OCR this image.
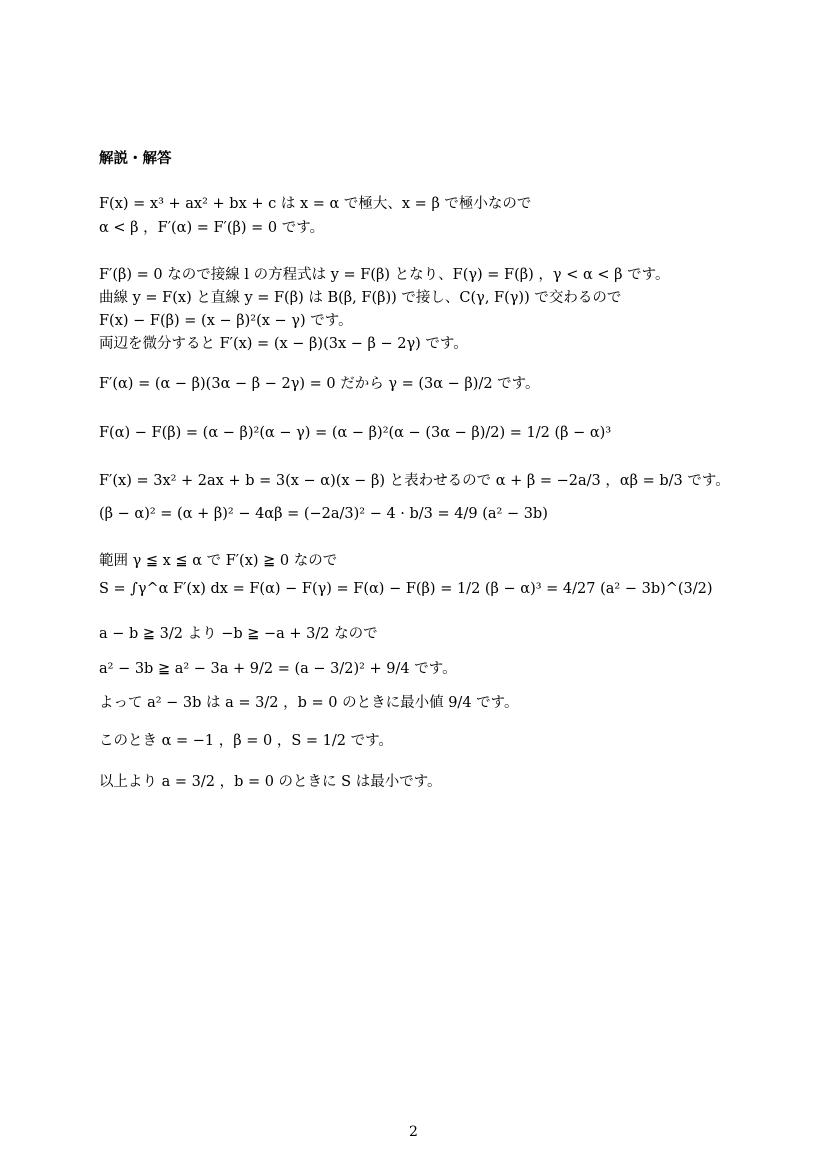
解説・解答
F(x) = x³ + ax² + bx + c は x = α で極大、x = β で極小なので
α < β ，F′(α) = F′(β) = 0 です。
F′(β) = 0 なので接線 l の方程式は y = F(β) となり、F(γ) = F(β) ，γ < α < β です。
曲線 y = F(x) と直線 y = F(β) は B(β, F(β)) で接し、C(γ, F(γ)) で交わるので
F(x) − F(β) = (x − β)²(x − γ) です。
両辺を微分すると F′(x) = (x − β)(3x − β − 2γ) です。
F′(α) = (α − β)(3α − β − 2γ) = 0 だから γ = (3α − β)/2 です。
F(α) − F(β) = (α − β)²(α − γ) = (α − β)²(α − (3α − β)/2) = 1/2 (β − α)³
F′(x) = 3x² + 2ax + b = 3(x − α)(x − β) と表わせるので α + β = −2a/3 ，αβ = b/3 です。
(β − α)² = (α + β)² − 4αβ = (−2a/3)² − 4 · b/3 = 4/9 (a² − 3b)
範囲 γ ≦ x ≦ α で F′(x) ≧ 0 なので
S = ∫γ^α F′(x) dx = F(α) − F(γ) = F(α) − F(β) = 1/2 (β − α)³ = 4/27 (a² − 3b)^(3/2)
a − b ≧ 3/2 より −b ≧ −a + 3/2 なので
a² − 3b ≧ a² − 3a + 9/2 = (a − 3/2)² + 9/4 です。
よって a² − 3b は a = 3/2 ，b = 0 のときに最小値 9/4 です。
このとき α = −1 ，β = 0 ，S = 1/2 です。
以上より a = 3/2 ，b = 0 のときに S は最小です。
2
